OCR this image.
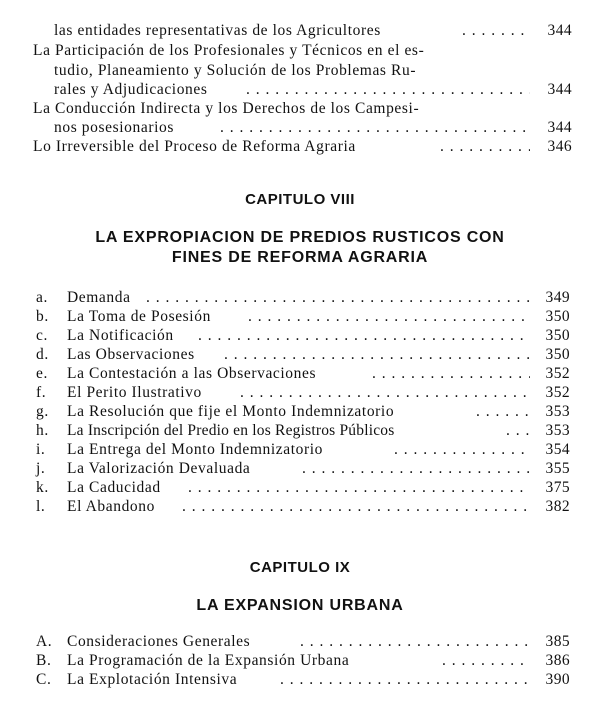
las entidades representativas de los Agricultores . . .	344
La Participación de los Profesionales y Técnicos en el es-
tudio, Planeamiento y Solución de los Problemas Ru-
rales y Adjudicaciones . . .	344
La Conducción Indirecta y los Derechos de los Campesi-
nos posesionarios . . .	344
Lo Irreversible del Proceso de Reforma Agraria . . .	346
CAPITULO VIII
LA EXPROPIACION DE PREDIOS RUSTICOS CON
FINES DE REFORMA AGRARIA
a. Demanda . . .	349
b. La Toma de Posesión . . .	350
c. La Notificación . . .	350
d. Las Observaciones . . .	350
e. La Contestación a las Observaciones . . .	352
f. El Perito Ilustrativo . . .	352
g. La Resolución que fije el Monto Indemnizatorio . . .	353
h. La Inscripción del Predio en los Registros Públicos . . .	353
i. La Entrega del Monto Indemnizatorio . . .	354
j. La Valorización Devaluada . . .	355
k. La Caducidad . . .	375
l. El Abandono . . .	382
CAPITULO IX
LA EXPANSION URBANA
A. Consideraciones Generales . . .	385
B. La Programación de la Expansión Urbana . . .	386
C. La Explotación Intensiva . . .	390
